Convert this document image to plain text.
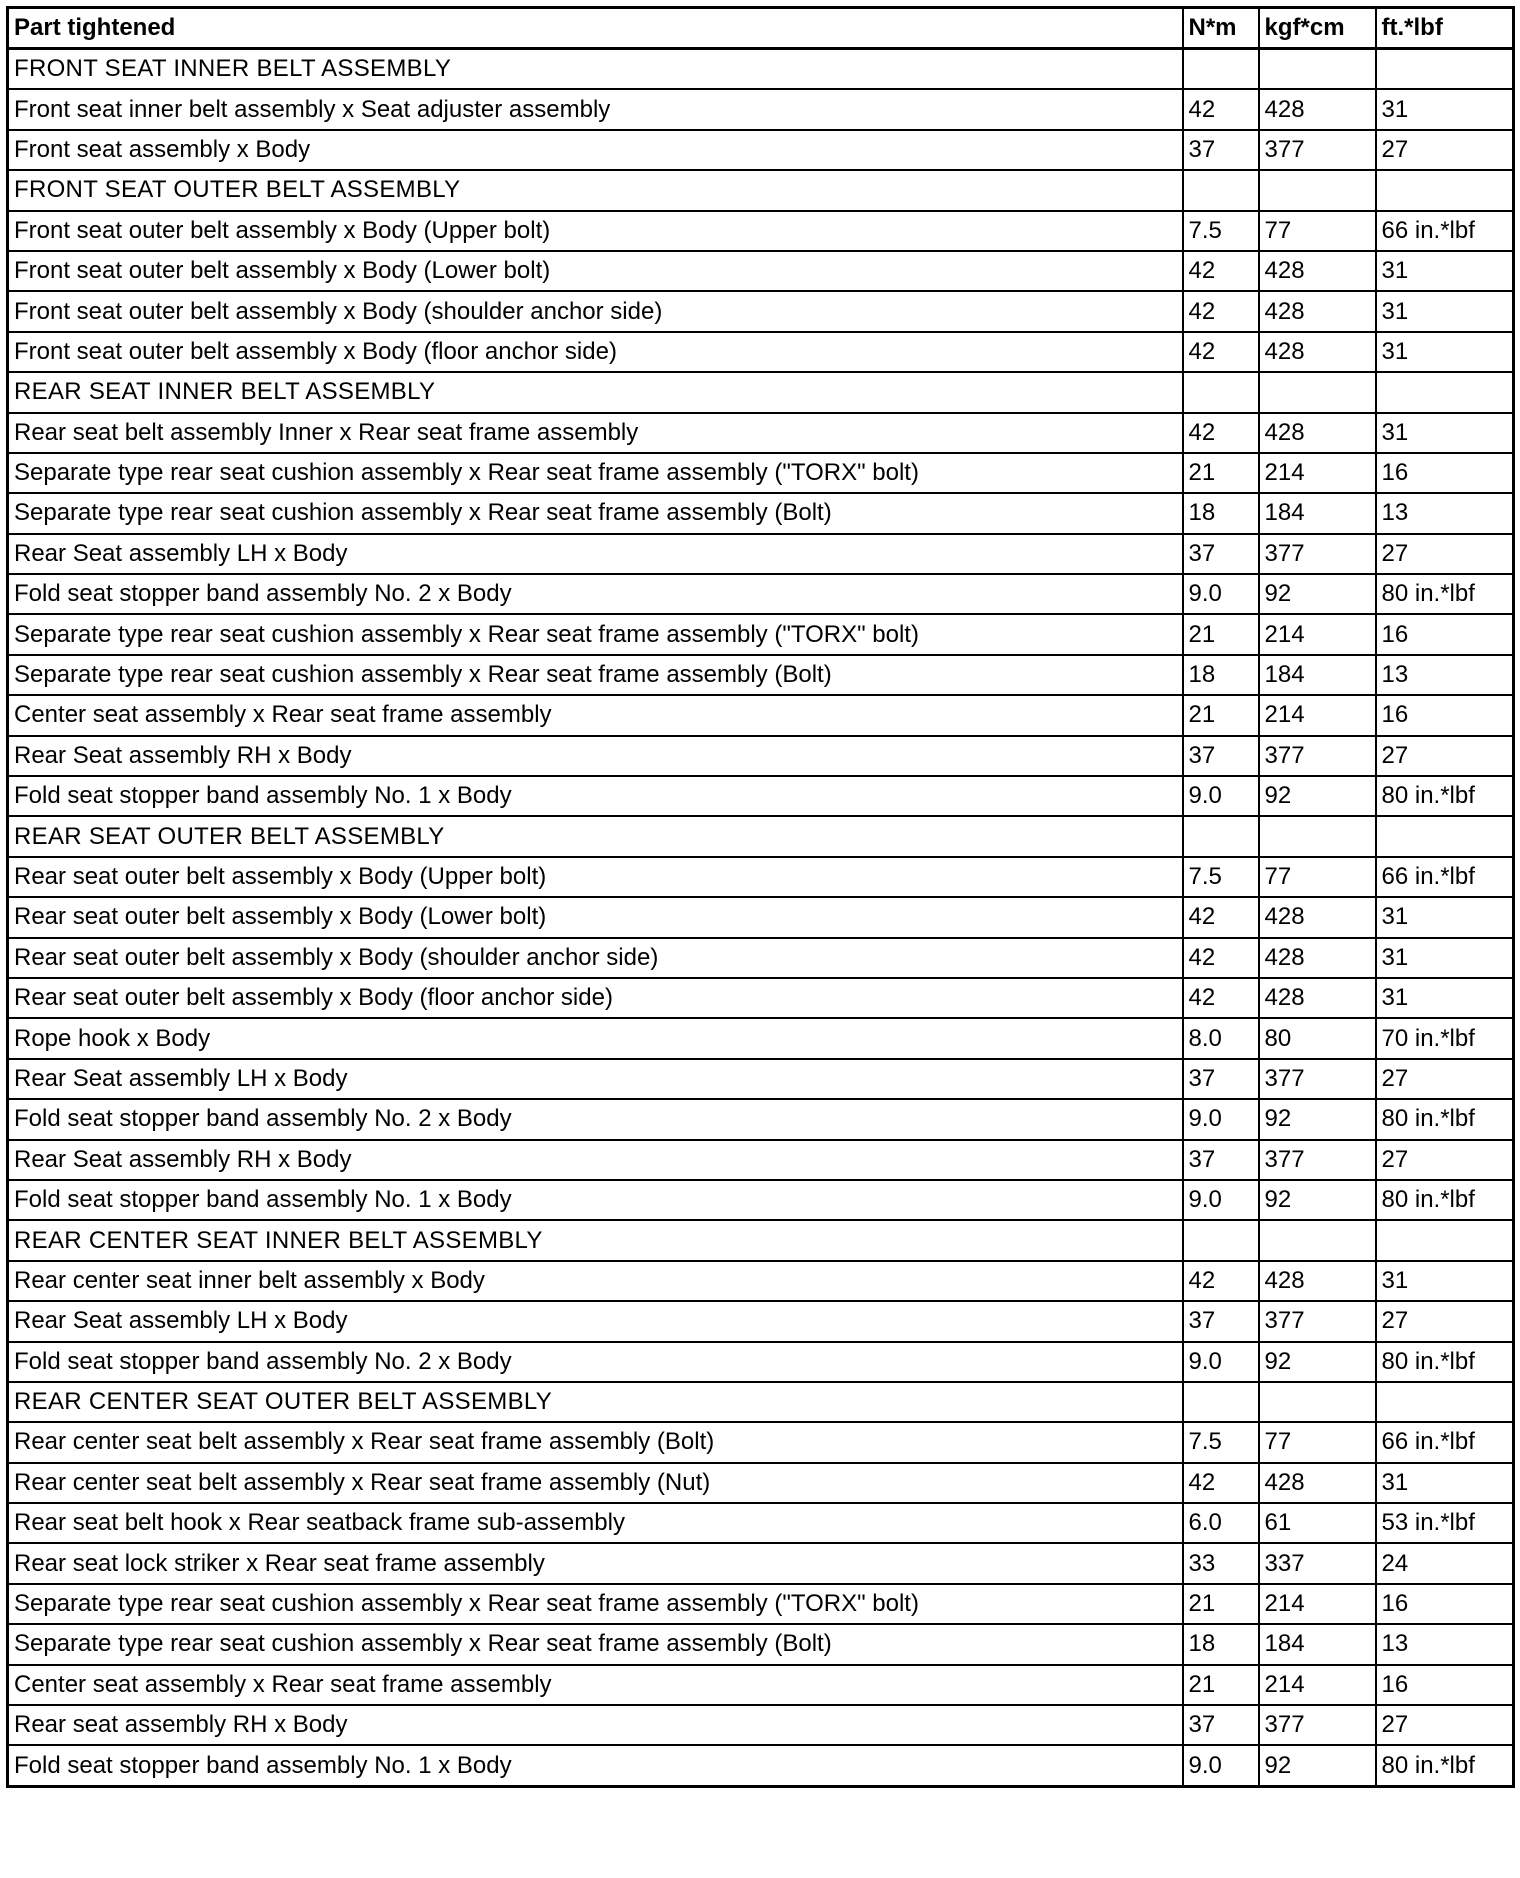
Part tightened	N*m	kgf*cm	ft.*lbf
FRONT SEAT INNER BELT ASSEMBLY			
Front seat inner belt assembly x Seat adjuster assembly	42	428	31
Front seat assembly x Body	37	377	27
FRONT SEAT OUTER BELT ASSEMBLY			
Front seat outer belt assembly x Body (Upper bolt)	7.5	77	66 in.*lbf
Front seat outer belt assembly x Body (Lower bolt)	42	428	31
Front seat outer belt assembly x Body (shoulder anchor side)	42	428	31
Front seat outer belt assembly x Body (floor anchor side)	42	428	31
REAR SEAT INNER BELT ASSEMBLY			
Rear seat belt assembly Inner x Rear seat frame assembly	42	428	31
Separate type rear seat cushion assembly x Rear seat frame assembly ("TORX" bolt)	21	214	16
Separate type rear seat cushion assembly x Rear seat frame assembly (Bolt)	18	184	13
Rear Seat assembly LH x Body	37	377	27
Fold seat stopper band assembly No. 2 x Body	9.0	92	80 in.*lbf
Separate type rear seat cushion assembly x Rear seat frame assembly ("TORX" bolt)	21	214	16
Separate type rear seat cushion assembly x Rear seat frame assembly (Bolt)	18	184	13
Center seat assembly x Rear seat frame assembly	21	214	16
Rear Seat assembly RH x Body	37	377	27
Fold seat stopper band assembly No. 1 x Body	9.0	92	80 in.*lbf
REAR SEAT OUTER BELT ASSEMBLY			
Rear seat outer belt assembly x Body (Upper bolt)	7.5	77	66 in.*lbf
Rear seat outer belt assembly x Body (Lower bolt)	42	428	31
Rear seat outer belt assembly x Body (shoulder anchor side)	42	428	31
Rear seat outer belt assembly x Body (floor anchor side)	42	428	31
Rope hook x Body	8.0	80	70 in.*lbf
Rear Seat assembly LH x Body	37	377	27
Fold seat stopper band assembly No. 2 x Body	9.0	92	80 in.*lbf
Rear Seat assembly RH x Body	37	377	27
Fold seat stopper band assembly No. 1 x Body	9.0	92	80 in.*lbf
REAR CENTER SEAT INNER BELT ASSEMBLY			
Rear center seat inner belt assembly x Body	42	428	31
Rear Seat assembly LH x Body	37	377	27
Fold seat stopper band assembly No. 2 x Body	9.0	92	80 in.*lbf
REAR CENTER SEAT OUTER BELT ASSEMBLY			
Rear center seat belt assembly x Rear seat frame assembly (Bolt)	7.5	77	66 in.*lbf
Rear center seat belt assembly x Rear seat frame assembly (Nut)	42	428	31
Rear seat belt hook x Rear seatback frame sub-assembly	6.0	61	53 in.*lbf
Rear seat lock striker x Rear seat frame assembly	33	337	24
Separate type rear seat cushion assembly x Rear seat frame assembly ("TORX" bolt)	21	214	16
Separate type rear seat cushion assembly x Rear seat frame assembly (Bolt)	18	184	13
Center seat assembly x Rear seat frame assembly	21	214	16
Rear seat assembly RH x Body	37	377	27
Fold seat stopper band assembly No. 1 x Body	9.0	92	80 in.*lbf
